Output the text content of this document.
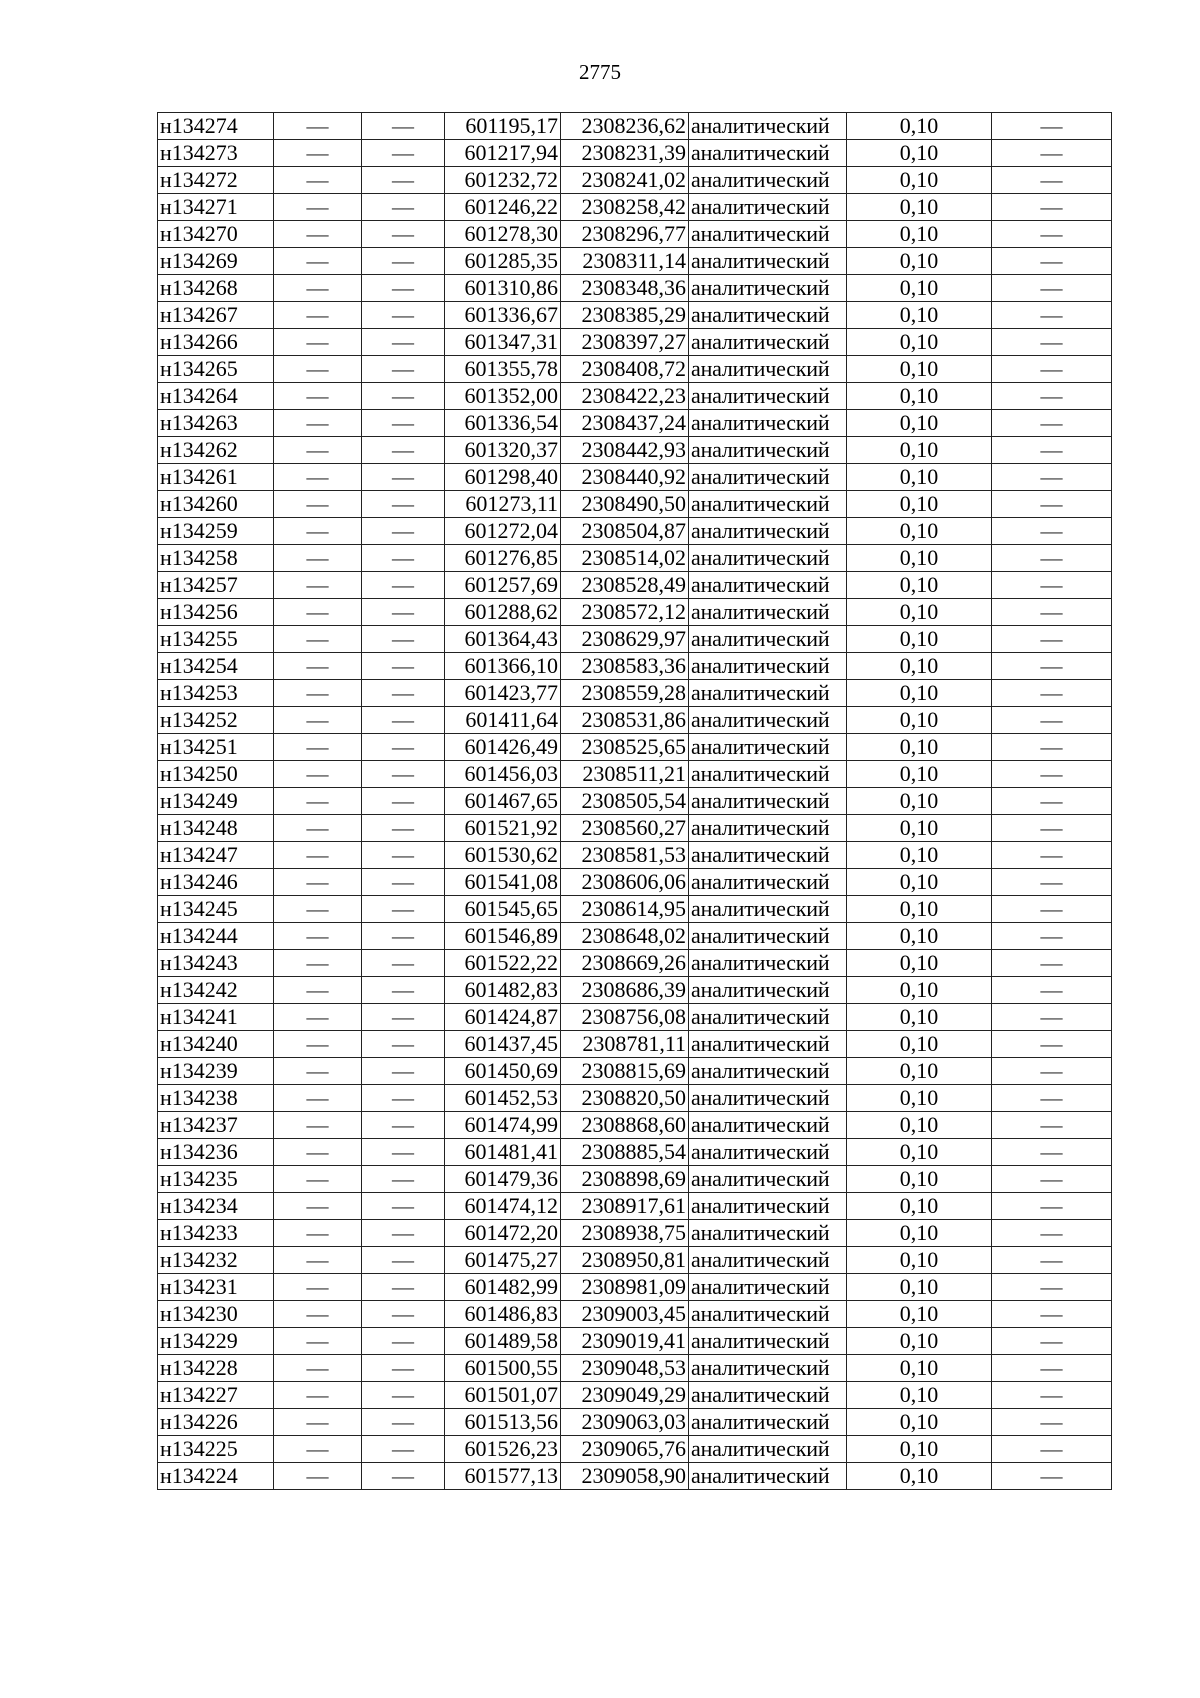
2775
н134274	—	—	601195,17	2308236,62	аналитический	0,10	—
н134273	—	—	601217,94	2308231,39	аналитический	0,10	—
н134272	—	—	601232,72	2308241,02	аналитический	0,10	—
н134271	—	—	601246,22	2308258,42	аналитический	0,10	—
н134270	—	—	601278,30	2308296,77	аналитический	0,10	—
н134269	—	—	601285,35	2308311,14	аналитический	0,10	—
н134268	—	—	601310,86	2308348,36	аналитический	0,10	—
н134267	—	—	601336,67	2308385,29	аналитический	0,10	—
н134266	—	—	601347,31	2308397,27	аналитический	0,10	—
н134265	—	—	601355,78	2308408,72	аналитический	0,10	—
н134264	—	—	601352,00	2308422,23	аналитический	0,10	—
н134263	—	—	601336,54	2308437,24	аналитический	0,10	—
н134262	—	—	601320,37	2308442,93	аналитический	0,10	—
н134261	—	—	601298,40	2308440,92	аналитический	0,10	—
н134260	—	—	601273,11	2308490,50	аналитический	0,10	—
н134259	—	—	601272,04	2308504,87	аналитический	0,10	—
н134258	—	—	601276,85	2308514,02	аналитический	0,10	—
н134257	—	—	601257,69	2308528,49	аналитический	0,10	—
н134256	—	—	601288,62	2308572,12	аналитический	0,10	—
н134255	—	—	601364,43	2308629,97	аналитический	0,10	—
н134254	—	—	601366,10	2308583,36	аналитический	0,10	—
н134253	—	—	601423,77	2308559,28	аналитический	0,10	—
н134252	—	—	601411,64	2308531,86	аналитический	0,10	—
н134251	—	—	601426,49	2308525,65	аналитический	0,10	—
н134250	—	—	601456,03	2308511,21	аналитический	0,10	—
н134249	—	—	601467,65	2308505,54	аналитический	0,10	—
н134248	—	—	601521,92	2308560,27	аналитический	0,10	—
н134247	—	—	601530,62	2308581,53	аналитический	0,10	—
н134246	—	—	601541,08	2308606,06	аналитический	0,10	—
н134245	—	—	601545,65	2308614,95	аналитический	0,10	—
н134244	—	—	601546,89	2308648,02	аналитический	0,10	—
н134243	—	—	601522,22	2308669,26	аналитический	0,10	—
н134242	—	—	601482,83	2308686,39	аналитический	0,10	—
н134241	—	—	601424,87	2308756,08	аналитический	0,10	—
н134240	—	—	601437,45	2308781,11	аналитический	0,10	—
н134239	—	—	601450,69	2308815,69	аналитический	0,10	—
н134238	—	—	601452,53	2308820,50	аналитический	0,10	—
н134237	—	—	601474,99	2308868,60	аналитический	0,10	—
н134236	—	—	601481,41	2308885,54	аналитический	0,10	—
н134235	—	—	601479,36	2308898,69	аналитический	0,10	—
н134234	—	—	601474,12	2308917,61	аналитический	0,10	—
н134233	—	—	601472,20	2308938,75	аналитический	0,10	—
н134232	—	—	601475,27	2308950,81	аналитический	0,10	—
н134231	—	—	601482,99	2308981,09	аналитический	0,10	—
н134230	—	—	601486,83	2309003,45	аналитический	0,10	—
н134229	—	—	601489,58	2309019,41	аналитический	0,10	—
н134228	—	—	601500,55	2309048,53	аналитический	0,10	—
н134227	—	—	601501,07	2309049,29	аналитический	0,10	—
н134226	—	—	601513,56	2309063,03	аналитический	0,10	—
н134225	—	—	601526,23	2309065,76	аналитический	0,10	—
н134224	—	—	601577,13	2309058,90	аналитический	0,10	—
